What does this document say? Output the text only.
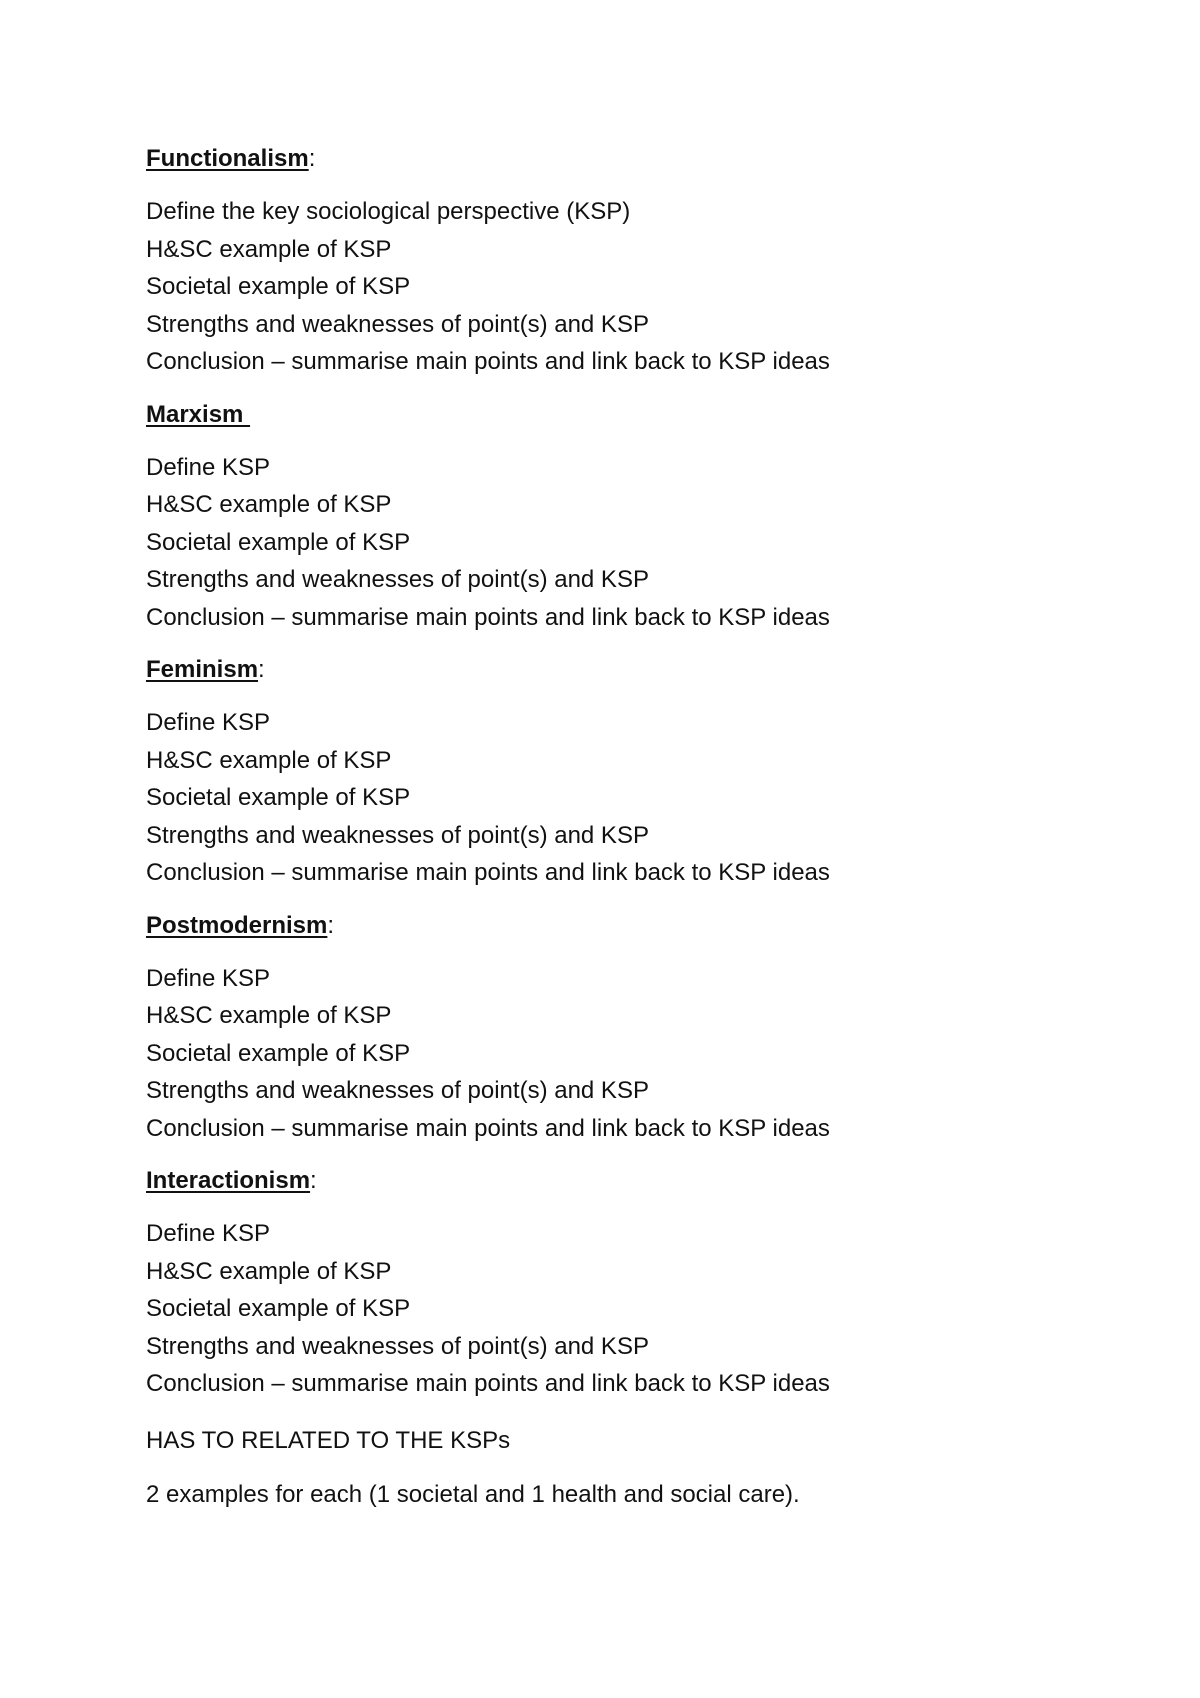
Functionalism:

Define the key sociological perspective (KSP)
H&SC example of KSP
Societal example of KSP
Strengths and weaknesses of point(s) and KSP
Conclusion – summarise main points and link back to KSP ideas

Marxism

Define KSP
H&SC example of KSP
Societal example of KSP
Strengths and weaknesses of point(s) and KSP
Conclusion – summarise main points and link back to KSP ideas

Feminism:

Define KSP
H&SC example of KSP
Societal example of KSP
Strengths and weaknesses of point(s) and KSP
Conclusion – summarise main points and link back to KSP ideas

Postmodernism:

Define KSP
H&SC example of KSP
Societal example of KSP
Strengths and weaknesses of point(s) and KSP
Conclusion – summarise main points and link back to KSP ideas

Interactionism:

Define KSP
H&SC example of KSP
Societal example of KSP
Strengths and weaknesses of point(s) and KSP
Conclusion – summarise main points and link back to KSP ideas

HAS TO RELATED TO THE KSPs

2 examples for each (1 societal and 1 health and social care).
